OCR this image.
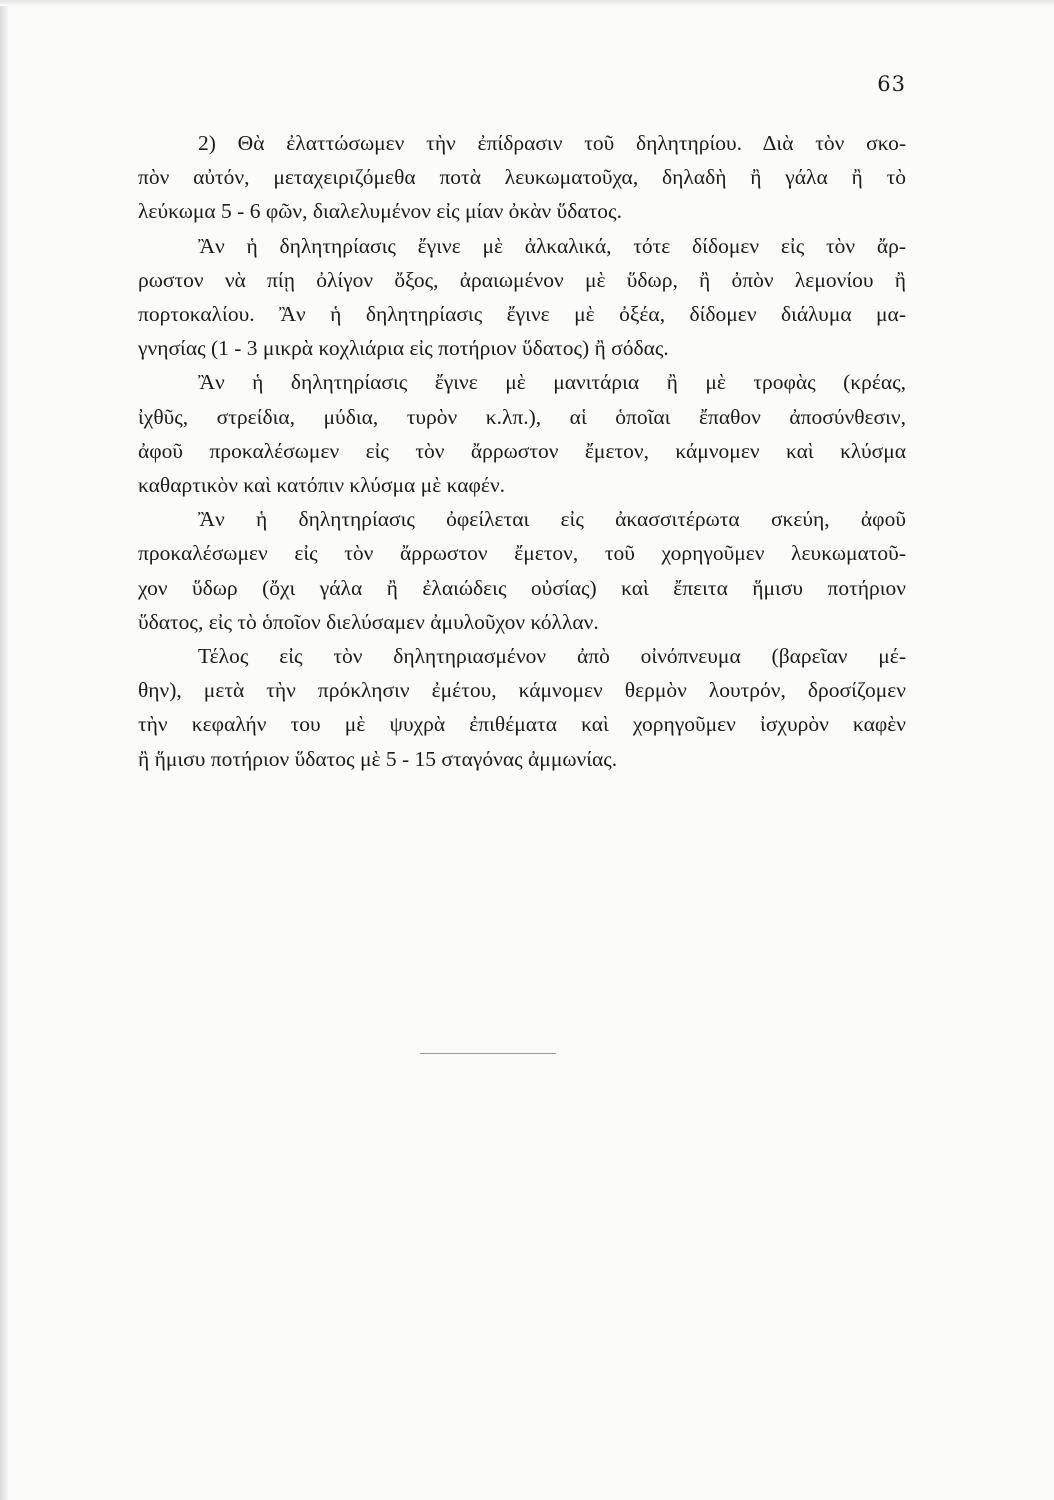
63
2) Θὰ ἐλαττώσωμεν τὴν ἐπίδρασιν τοῦ δηλητηρίου. Διὰ τὸν σκο-
πὸν αὐτόν, μεταχειριζόμεθα ποτὰ λευκωματοῦχα, δηλαδὴ ἢ γάλα ἢ τὸ
λεύκωμα 5 - 6 φῶν, διαλελυμένον εἰς μίαν ὀκὰν ὕδατος.
Ἂν ἡ δηλητηρίασις ἔγινε μὲ ἀλκαλικά, τότε δίδομεν εἰς τὸν ἄρ-
ρωστον νὰ πίῃ ὀλίγον ὄξος, ἀραιωμένον μὲ ὕδωρ, ἢ ὀπὸν λεμονίου ἢ
πορτοκαλίου. Ἂν ἡ δηλητηρίασις ἔγινε μὲ ὀξέα, δίδομεν διάλυμα μα-
γνησίας (1 - 3 μικρὰ κοχλιάρια εἰς ποτήριον ὕδατος) ἢ σόδας.
Ἂν ἡ δηλητηρίασις ἔγινε μὲ μανιτάρια ἢ μὲ τροφὰς (κρέας,
ἰχθῦς, στρείδια, μύδια, τυρὸν κ.λπ.), αἱ ὁποῖαι ἔπαθον ἀποσύνθεσιν,
ἀφοῦ προκαλέσωμεν εἰς τὸν ἄρρωστον ἔμετον, κάμνομεν καὶ κλύσμα
καθαρτικὸν καὶ κατόπιν κλύσμα μὲ καφέν.
Ἂν ἡ δηλητηρίασις ὀφείλεται εἰς ἀκασσιτέρωτα σκεύη, ἀφοῦ
προκαλέσωμεν εἰς τὸν ἄρρωστον ἔμετον, τοῦ χορηγοῦμεν λευκωματοῦ-
χον ὕδωρ (ὄχι γάλα ἢ ἐλαιώδεις οὐσίας) καὶ ἔπειτα ἥμισυ ποτήριον
ὕδατος, εἰς τὸ ὁποῖον διελύσαμεν ἀμυλοῦχον κόλλαν.
Τέλος εἰς τὸν δηλητηριασμένον ἀπὸ οἰνόπνευμα (βαρεῖαν μέ-
θην), μετὰ τὴν πρόκλησιν ἐμέτου, κάμνομεν θερμὸν λουτρόν, δροσίζομεν
τὴν κεφαλήν του μὲ ψυχρὰ ἐπιθέματα καὶ χορηγοῦμεν ἰσχυρὸν καφὲν
ἢ ἥμισυ ποτήριον ὕδατος μὲ 5 - 15 σταγόνας ἀμμωνίας.
